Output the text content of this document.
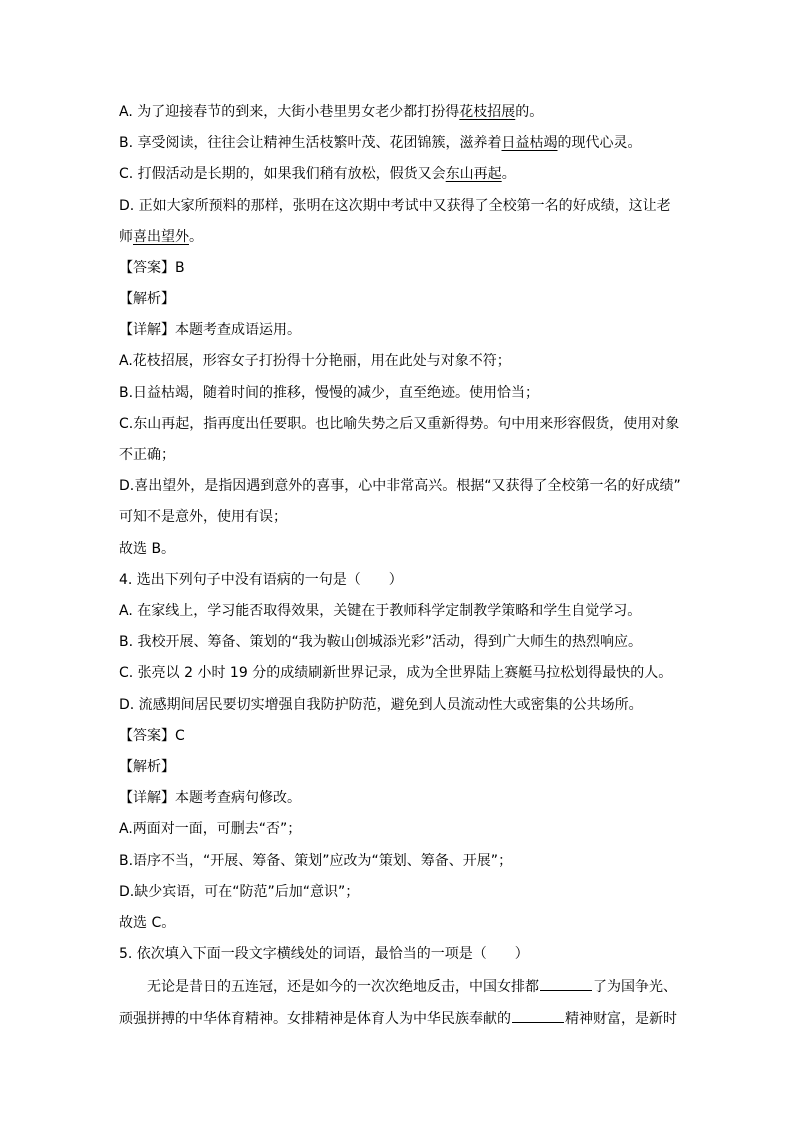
A. 为了迎接春节的到来，大街小巷里男女老少都打扮得花枝招展的。
B. 享受阅读，往往会让精神生活枝繁叶茂、花团锦簇，滋养着日益枯竭的现代心灵。
C. 打假活动是长期的，如果我们稍有放松，假货又会东山再起。
D. 正如大家所预料的那样，张明在这次期中考试中又获得了全校第一名的好成绩，这让老
师喜出望外。
【答案】B
【解析】
【详解】本题考查成语运用。
A.花枝招展，形容女子打扮得十分艳丽，用在此处与对象不符；
B.日益枯竭，随着时间的推移，慢慢的减少，直至绝迹。使用恰当；
C.东山再起，指再度出任要职。也比喻失势之后又重新得势。句中用来形容假货，使用对象
不正确；
D.喜出望外，是指因遇到意外的喜事，心中非常高兴。根据“又获得了全校第一名的好成绩”
可知不是意外，使用有误；
故选 B。
4. 选出下列句子中没有语病的一句是（　　）
A. 在家线上，学习能否取得效果，关键在于教师科学定制教学策略和学生自觉学习。
B. 我校开展、筹备、策划的“我为鞍山创城添光彩”活动，得到广大师生的热烈响应。
C. 张亮以 2 小时 19 分的成绩刷新世界记录，成为全世界陆上赛艇马拉松划得最快的人。
D. 流感期间居民要切实增强自我防护防范，避免到人员流动性大或密集的公共场所。
【答案】C
【解析】
【详解】本题考查病句修改。
A.两面对一面，可删去“否”；
B.语序不当，“开展、筹备、策划”应改为“策划、筹备、开展”；
D.缺少宾语，可在“防范”后加“意识”；
故选 C。
5. 依次填入下面一段文字横线处的词语，最恰当的一项是（　　）
无论是昔日的五连冠，还是如今的一次次绝地反击，中国女排都	了为国争光、
顽强拼搏的中华体育精神。女排精神是体育人为中华民族奉献的	精神财富，是新时
